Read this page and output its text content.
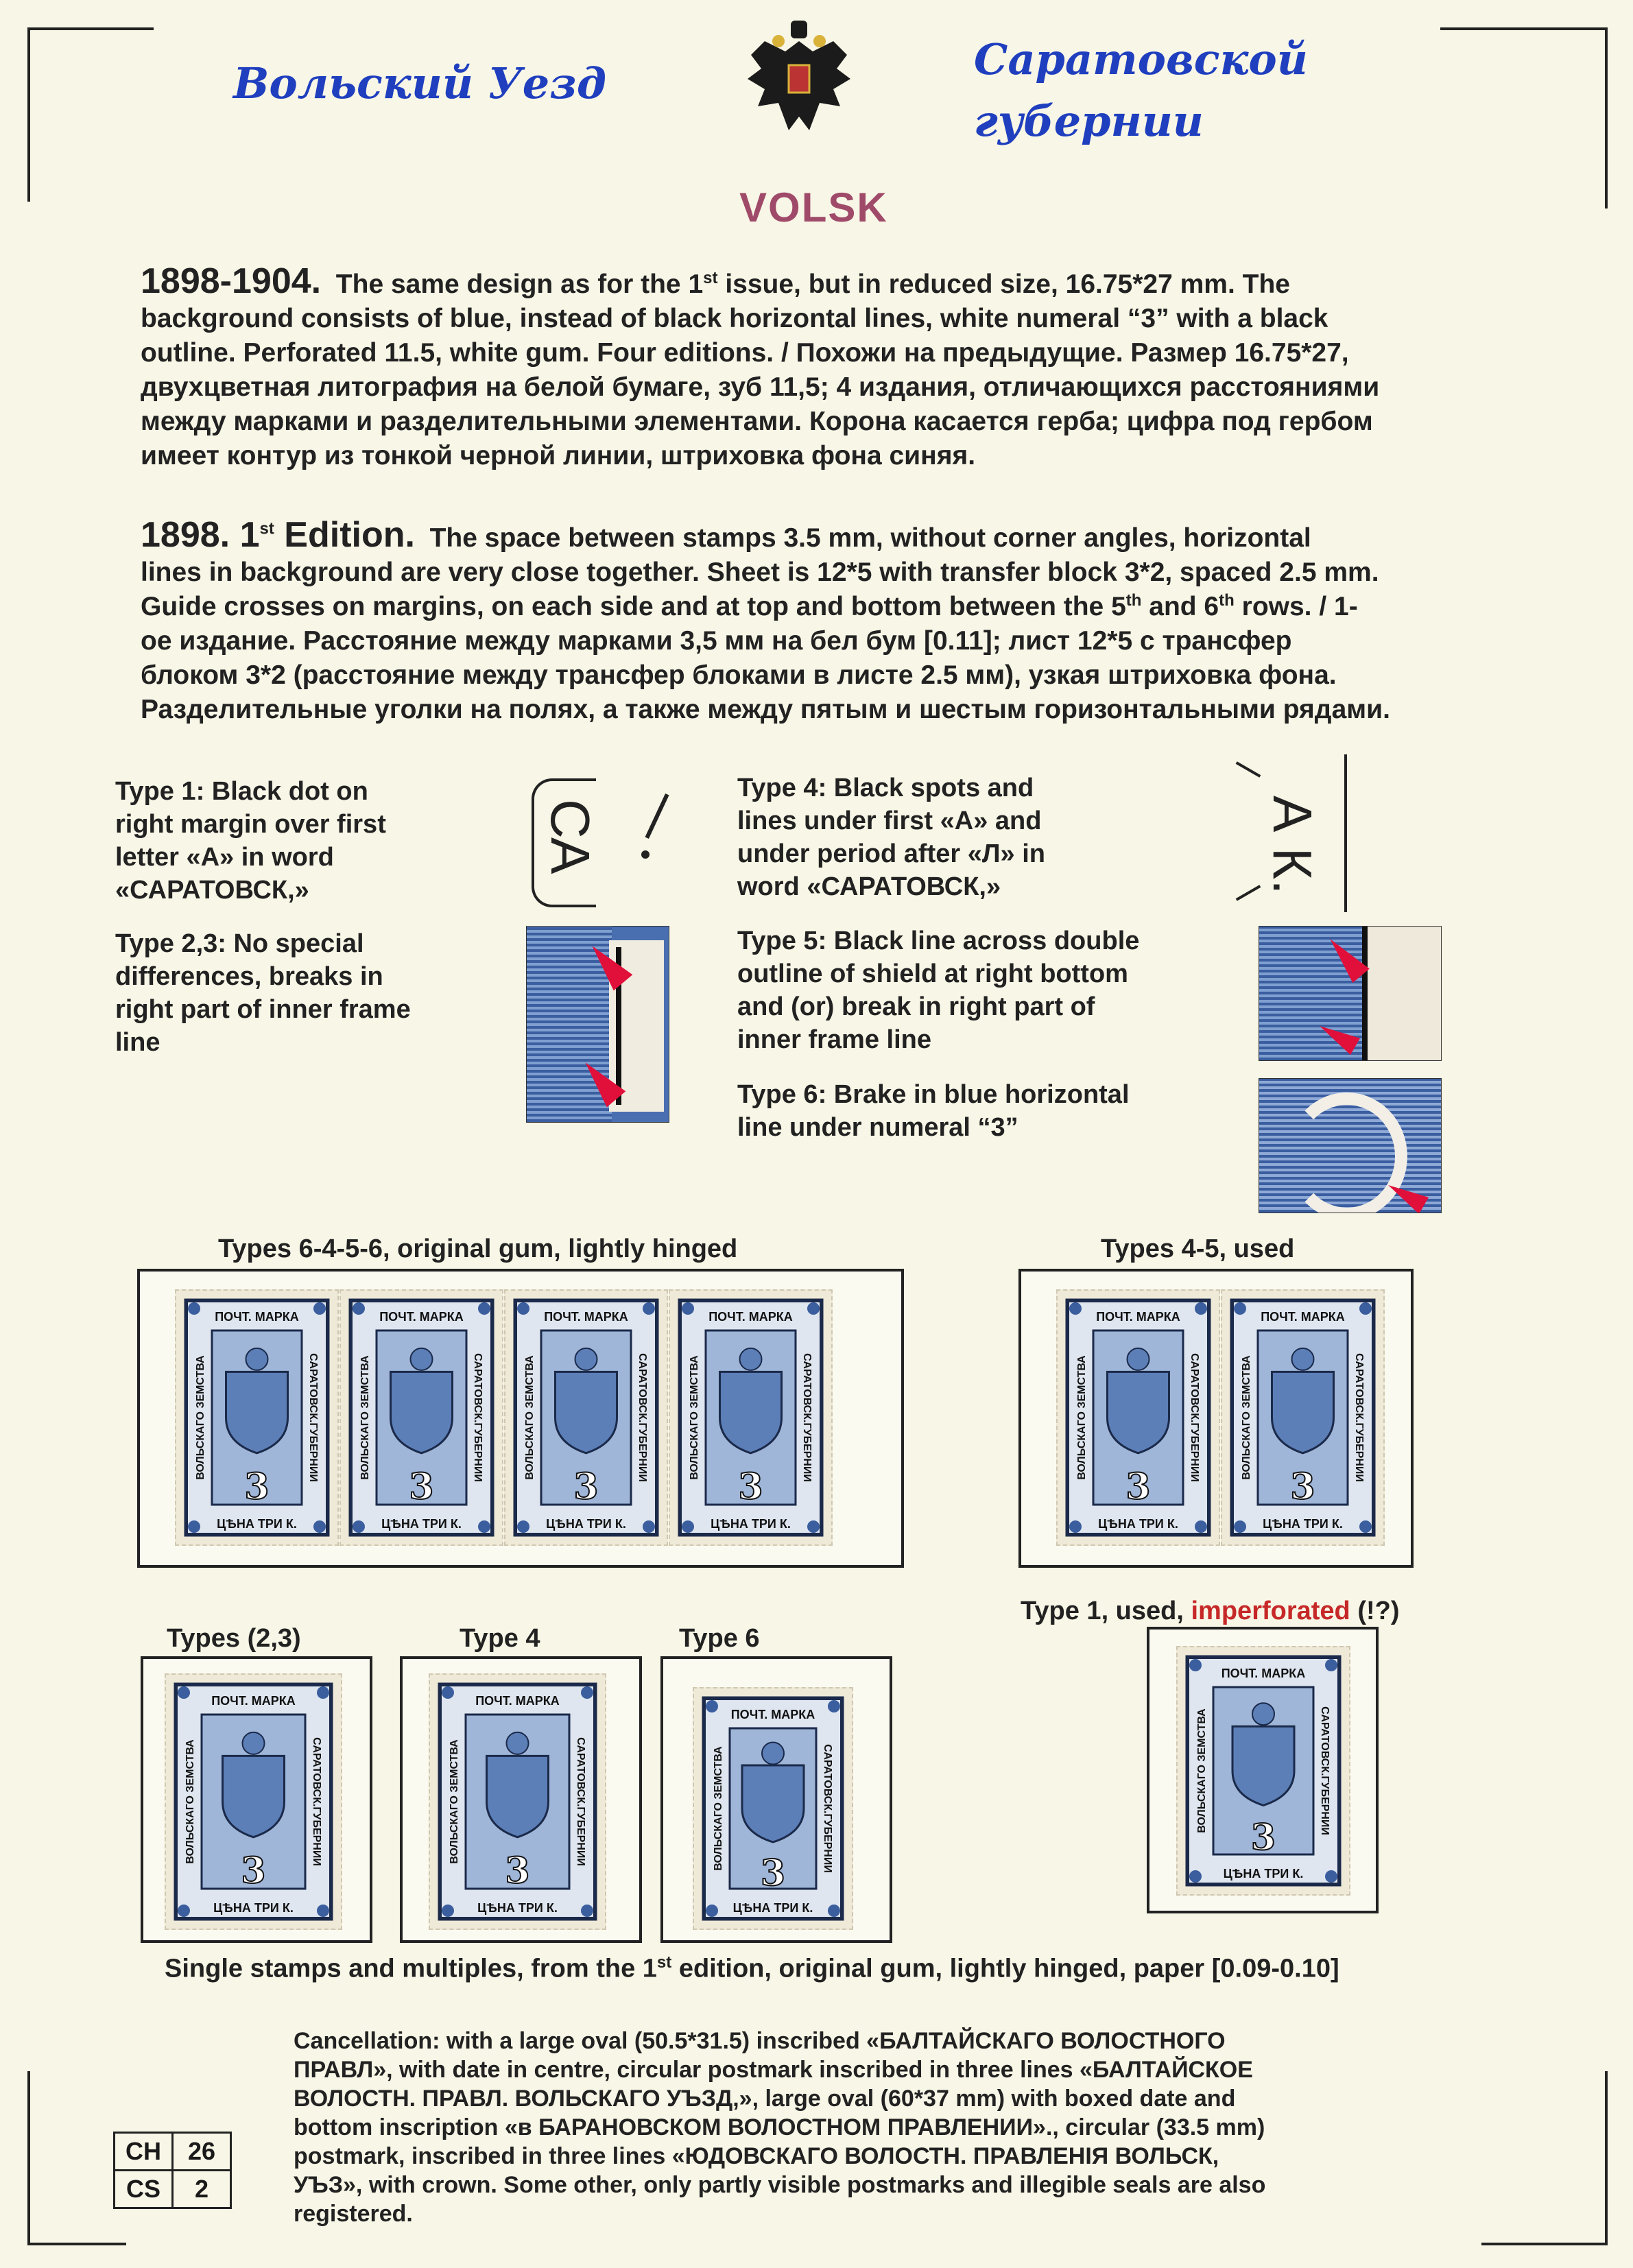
Вольский Уезд	Саратовской
губернии
VOLSK
1898-1904. The same design as for the 1st issue, but in reduced size, 16.75*27 mm. The
background consists of blue, instead of black horizontal lines, white numeral “3” with a black
outline. Perforated 11.5, white gum. Four editions. / Похожи на предыдущие. Размер 16.75*27,
двухцветная литография на белой бумаге, зуб 11,5; 4 издания, отличающихся расстояниями
между марками и разделительными элементами. Корона касается герба; цифра под гербом
имеет контур из тонкой черной линии, штриховка фона синяя.
1898. 1st Edition. The space between stamps 3.5 mm, without corner angles, horizontal
lines in background are very close together. Sheet is 12*5 with transfer block 3*2, spaced 2.5 mm.
Guide crosses on margins, on each side and at top and bottom between the 5th and 6th rows. / 1-
ое издание. Расстояние между марками 3,5 мм на бел бум [0.11]; лист 12*5 с трансфер
блоком 3*2 (расстояние между трансфер блоками в листе 2.5 мм), узкая штриховка фона.
Разделительные уголки на полях, а также между пятым и шестым горизонтальными рядами.
Type 1: Black dot on
right margin over first
letter «А» in word
«САРАТОВСК,»
СА
Type 2,3: No special
differences, breaks in
right part of inner frame
line
Type 4: Black spots and
lines under first «А» and
under period after «Л» in
word «САРАТОВСК,»	А К.
Type 5: Black line across double
outline of shield at right bottom
and (or) break in right part of
inner frame line
Type 6: Brake in blue horizontal
line under numeral “3”
Types 6-4-5-6, original gum, lightly hinged	Types 4-5, used
Types (2,3)	Type 4	Type 6
Type 1, used, imperforated (!?)
Single stamps and multiples, from the 1st edition, original gum, lightly hinged, paper [0.09-0.10]
Cancellation: with a large oval (50.5*31.5) inscribed «БАЛТАЙСКАГО ВОЛОСТНОГО
ПРАВЛ», with date in centre, circular postmark inscribed in three lines «БАЛТАЙСКОЕ
ВОЛОСТН. ПРАВЛ. ВОЛЬСКАГО УЪЗД,», large oval (60*37 mm) with boxed date and
bottom inscription «в БАРАНОВСКОМ ВОЛОСТНОМ ПРАВЛЕНИИ»., circular (33.5 mm)
postmark, inscribed in three lines «ЮДОВСКАГО ВОЛОСТН. ПРАВЛЕНIЯ ВОЛЬСК,
УЪЗ», with crown. Some other, only partly visible postmarks and illegible seals are also
registered.
CH	26
CS	2
ПОЧТ. МАРКА
ЦѢНА ТРИ К.
ВОЛЬСКАГО ЗЕМСТВА	САРАТОВСК.ГУБЕРНИИ
3
ПОЧТ. МАРКА
ЦѢНА ТРИ К.
ВОЛЬСКАГО ЗЕМСТВА	САРАТОВСК.ГУБЕРНИИ
3
ПОЧТ. МАРКА
ЦѢНА ТРИ К.
ВОЛЬСКАГО ЗЕМСТВА	САРАТОВСК.ГУБЕРНИИ
3
ПОЧТ. МАРКА
ЦѢНА ТРИ К.
ВОЛЬСКАГО ЗЕМСТВА	САРАТОВСК.ГУБЕРНИИ
3
ПОЧТ. МАРКА
ЦѢНА ТРИ К.
ВОЛЬСКАГО ЗЕМСТВА	САРАТОВСК.ГУБЕРНИИ
3
ПОЧТ. МАРКА
ЦѢНА ТРИ К.
ВОЛЬСКАГО ЗЕМСТВА	САРАТОВСК.ГУБЕРНИИ
3
ПОЧТ. МАРКА
ЦѢНА ТРИ К.
ВОЛЬСКАГО ЗЕМСТВА	САРАТОВСК.ГУБЕРНИИ
3
ПОЧТ. МАРКА
ЦѢНА ТРИ К.
ВОЛЬСКАГО ЗЕМСТВА	САРАТОВСК.ГУБЕРНИИ
3
ПОЧТ. МАРКА
ЦѢНА ТРИ К.
ВОЛЬСКАГО ЗЕМСТВА	САРАТОВСК.ГУБЕРНИИ
3
ПОЧТ. МАРКА
ЦѢНА ТРИ К.
ВОЛЬСКАГО ЗЕМСТВА	САРАТОВСК.ГУБЕРНИИ
3
